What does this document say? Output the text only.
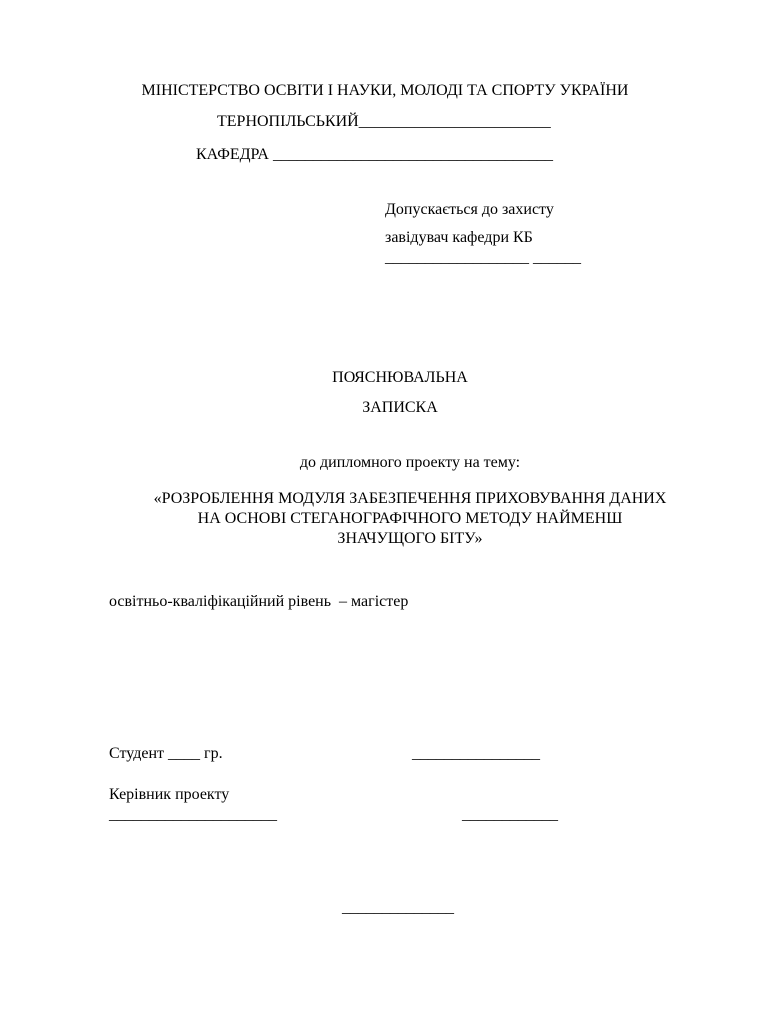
МІНІСТЕРСТВО ОСВІТИ І НАУКИ, МОЛОДІ ТА СПОРТУ УКРАЇНИ
ТЕРНОПІЛЬСЬКИЙ________________________
КАФЕДРА ___________________________________
Допускається до захисту
завідувач кафедри КБ
__________________ ______
ПОЯСНЮВАЛЬНА
ЗАПИСКА
до дипломного проекту на тему:
«РОЗРОБЛЕННЯ МОДУЛЯ ЗАБЕЗПЕЧЕННЯ ПРИХОВУВАННЯ ДАНИХ
НА ОСНОВІ СТЕГАНОГРАФІЧНОГО МЕТОДУ НАЙМЕНШ
ЗНАЧУЩОГО БІТУ»
освітньо-кваліфікаційний рівень  – магістер
Студент ____ гр.	________________
Керівник проекту
_____________________	____________
______________
